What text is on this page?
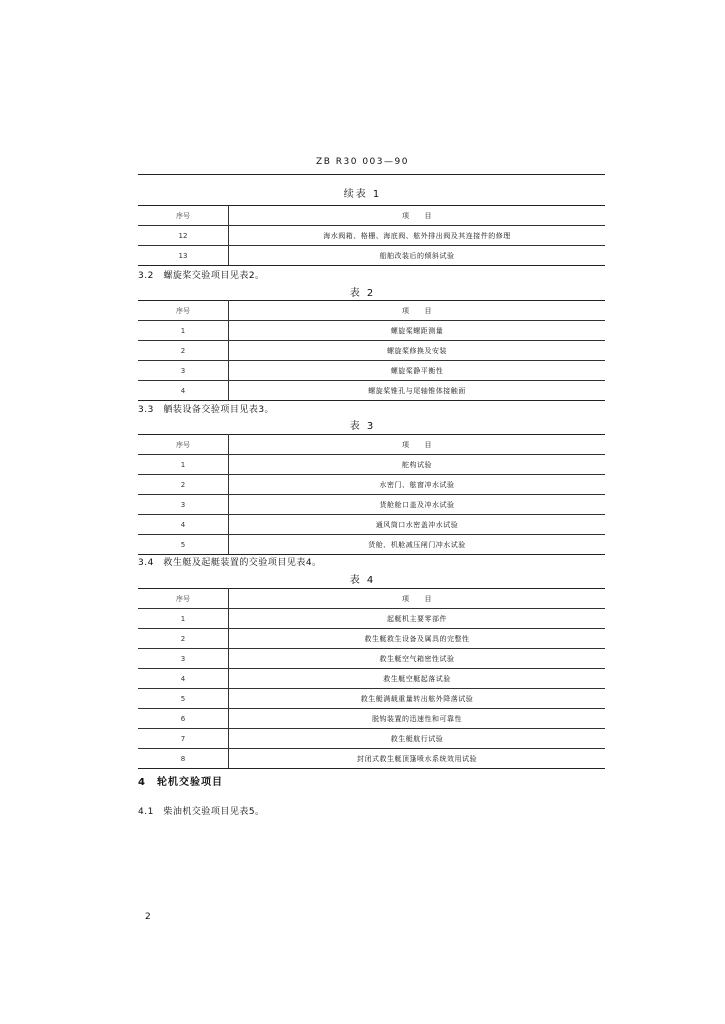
ZB R30 003—90
续表 1
序号	项　　目
12	海水阀箱、格栅、海底阀、舷外排出阀及其连接件的修理
13	船舶改装后的倾斜试验
3.2　螺旋桨交验项目见表2。
表 2
序号	项　　目
1	螺旋桨螺距测量
2	螺旋桨修换及安装
3	螺旋桨静平衡性
4	螺旋桨锥孔与尾轴锥体接触面
3.3　舾装设备交验项目见表3。
表 3
序号	项　　目
1	舵构试验
2	水密门、舷窗冲水试验
3	货舱舱口盖及冲水试验
4	通风筒口水密盖冲水试验
5	货舱、机舱减压闸门冲水试验
3.4　救生艇及起艇装置的交验项目见表4。
表 4
序号	项　　目
1	起艇机主要零部件
2	救生艇救生设备及属具的完整性
3	救生艇空气箱密性试验
4	救生艇空艇起落试验
5	救生艇满载重量转出舷外降落试验
6	脱钩装置的迅速性和可靠性
7	救生艇航行试验
8	封闭式救生艇顶篷喷水系统效用试验
4　轮机交验项目
4.1　柴油机交验项目见表5。
2
